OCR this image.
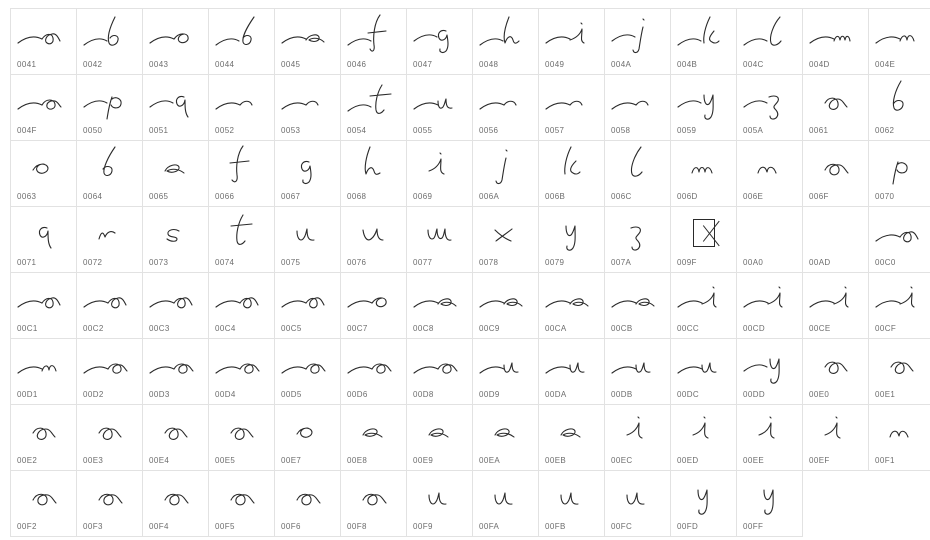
0041	0042	0043	0044	0045	0046	0047	0048	0049	004A	004B	004C	004D	004E

004F	0050	0051	0052	0053	0054	0055	0056	0057	0058	0059	005A	0061	0062

0063	0064	0065	0066	0067	0068	0069	006A	006B	006C	006D	006E	006F	0070

0071	0072	0073	0074	0075	0076	0077	0078	0079	007A	009F	00A0	00AD	00C0

00C1	00C2	00C3	00C4	00C5	00C7	00C8	00C9	00CA	00CB	00CC	00CD	00CE	00CF

00D1	00D2	00D3	00D4	00D5	00D6	00D8	00D9	00DA	00DB	00DC	00DD	00E0	00E1

00E2	00E3	00E4	00E5	00E7	00E8	00E9	00EA	00EB	00EC	00ED	00EE	00EF	00F1

00F2	00F3	00F4	00F5	00F6	00F8	00F9	00FA	00FB	00FC	00FD	00FF		
